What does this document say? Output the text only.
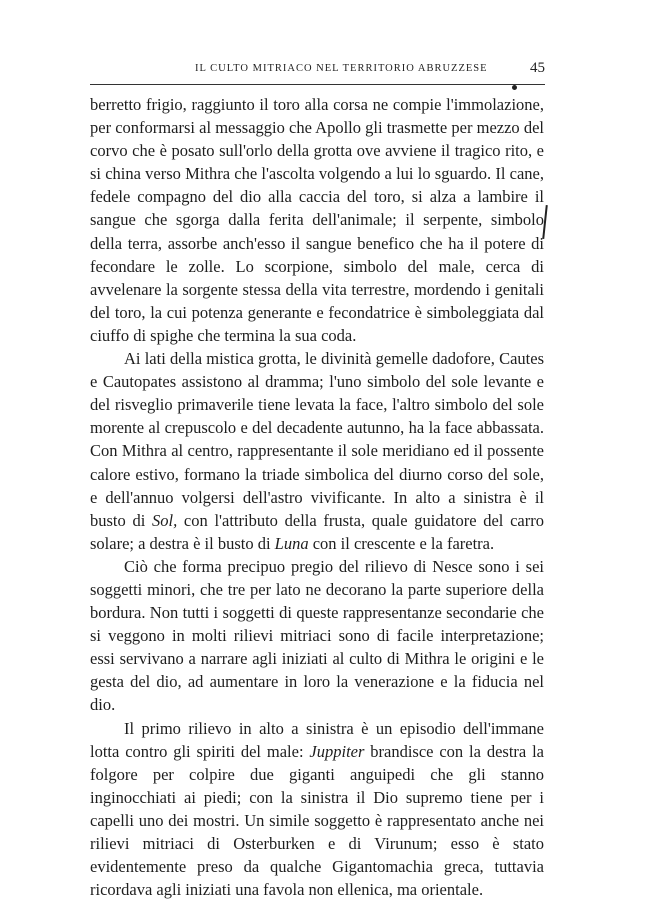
IL CULTO MITRIACO NEL TERRITORIO ABRUZZESE	45

berretto frigio, raggiunto il toro alla corsa ne compie l'immolazione, per conformarsi al messaggio che Apollo gli trasmette per mezzo del corvo che è posato sull'orlo della grotta ove avviene il tragico rito, e si china verso Mithra che l'ascolta volgendo a lui lo sguardo. Il cane, fedele compagno del dio alla caccia del toro, si alza a lambire il sangue che sgorga dalla ferita dell'animale; il serpente, simbolo della terra, assorbe anch'esso il sangue benefico che ha il potere di fecondare le zolle. Lo scorpione, simbolo del male, cerca di avvelenare la sorgente stessa della vita terrestre, mordendo i genitali del toro, la cui potenza generante e fecondatrice è simboleggiata dal ciuffo di spighe che termina la sua coda.

Ai lati della mistica grotta, le divinità gemelle dadofore, Cautes e Cautopates assistono al dramma; l'uno simbolo del sole levante e del risveglio primaverile tiene levata la face, l'altro simbolo del sole morente al crepuscolo e del decadente autunno, ha la face abbassata. Con Mithra al centro, rappresentante il sole meridiano ed il possente calore estivo, formano la triade simbolica del diurno corso del sole, e dell'annuo volgersi dell'astro vivificante. In alto a sinistra è il busto di Sol, con l'attributo della frusta, quale guidatore del carro solare; a destra è il busto di Luna con il crescente e la faretra.

Ciò che forma precipuo pregio del rilievo di Nesce sono i sei soggetti minori, che tre per lato ne decorano la parte superiore della bordura. Non tutti i soggetti di queste rappresentanze secondarie che si veggono in molti rilievi mitriaci sono di facile interpretazione; essi servivano a narrare agli iniziati al culto di Mithra le origini e le gesta del dio, ad aumentare in loro la venerazione e la fiducia nel dio.

Il primo rilievo in alto a sinistra è un episodio dell'immane lotta contro gli spiriti del male: Juppiter brandisce con la destra la folgore per colpire due giganti anguipedi che gli stanno inginocchiati ai piedi; con la sinistra il Dio supremo tiene per i capelli uno dei mostri. Un simile soggetto è rappresentato anche nei rilievi mitriaci di Osterburken e di Virunum; esso è stato evidentemente preso da qualche Gigantomachia greca, tuttavia ricordava agli iniziati una favola non ellenica, ma orientale.
